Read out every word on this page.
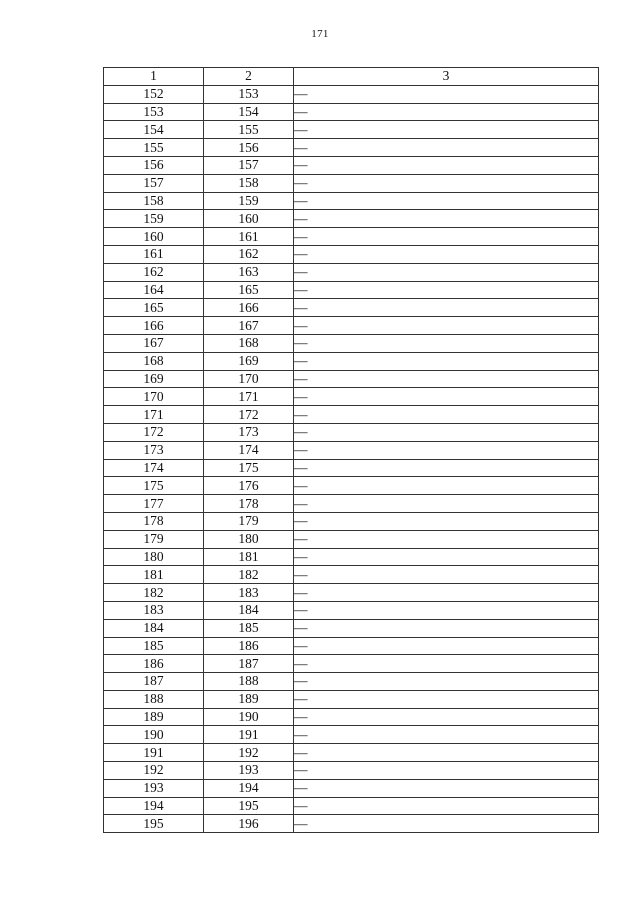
171
1	2	3
152	153	—
153	154	—
154	155	—
155	156	—
156	157	—
157	158	—
158	159	—
159	160	—
160	161	—
161	162	—
162	163	—
164	165	—
165	166	—
166	167	—
167	168	—
168	169	—
169	170	—
170	171	—
171	172	—
172	173	—
173	174	—
174	175	—
175	176	—
177	178	—
178	179	—
179	180	—
180	181	—
181	182	—
182	183	—
183	184	—
184	185	—
185	186	—
186	187	—
187	188	—
188	189	—
189	190	—
190	191	—
191	192	—
192	193	—
193	194	—
194	195	—
195	196	—
